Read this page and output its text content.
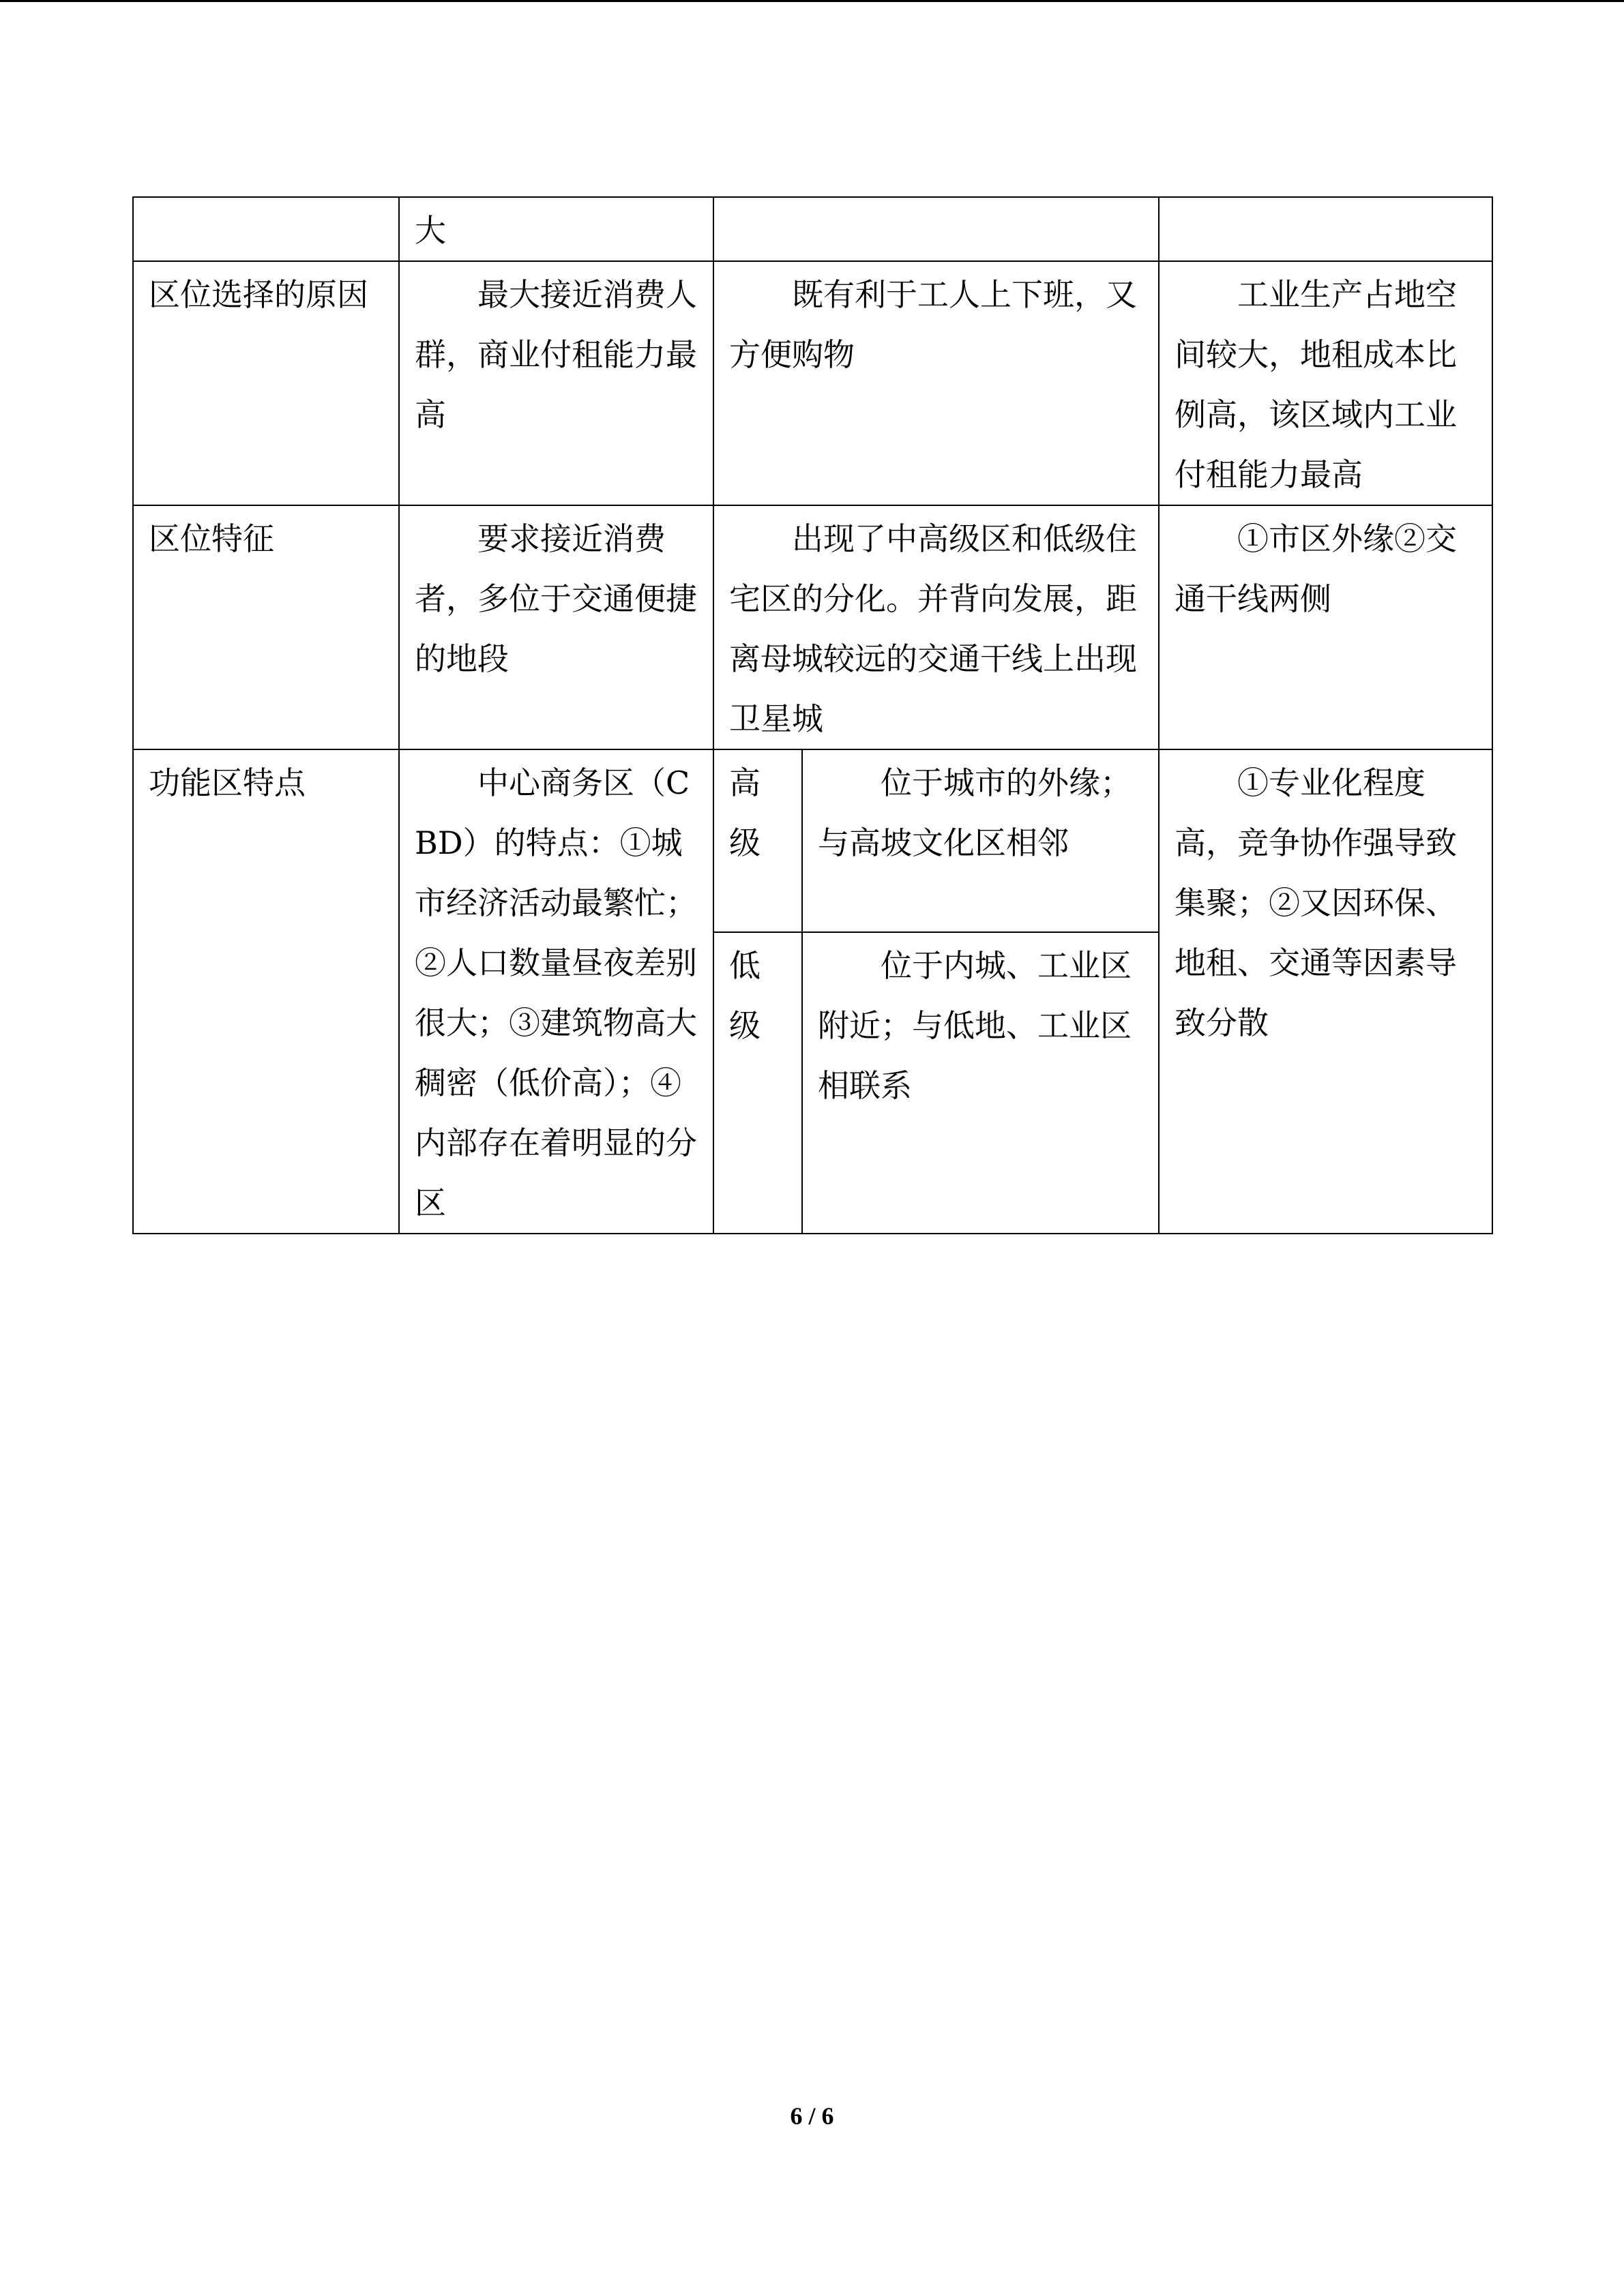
	大			

区位选择的原因	最大接近消费人群，商业付租能力最高	既有利于工人上下班，又方便购物		工业生产占地空间较大，地租成本比例高，该区域内工业付租能力最高

区位特征	要求接近消费者，多位于交通便捷的地段	出现了中高级区和低级住宅区的分化。并背向发展，距离母城较远的交通干线上出现卫星城		①市区外缘②交通干线两侧

功能区特点	中心商务区（CBD）的特点：①城市经济活动最繁忙；②人口数量昼夜差别很大；③建筑物高大稠密（低价高）；④内部存在着明显的分区	高级	位于城市的外缘；与高坡文化区相邻	①专业化程度高，竞争协作强导致集聚；②又因环保、地租、交通等因素导致分散

		低级	位于内城、工业区附近；与低地、工业区相联系	
6 / 6
